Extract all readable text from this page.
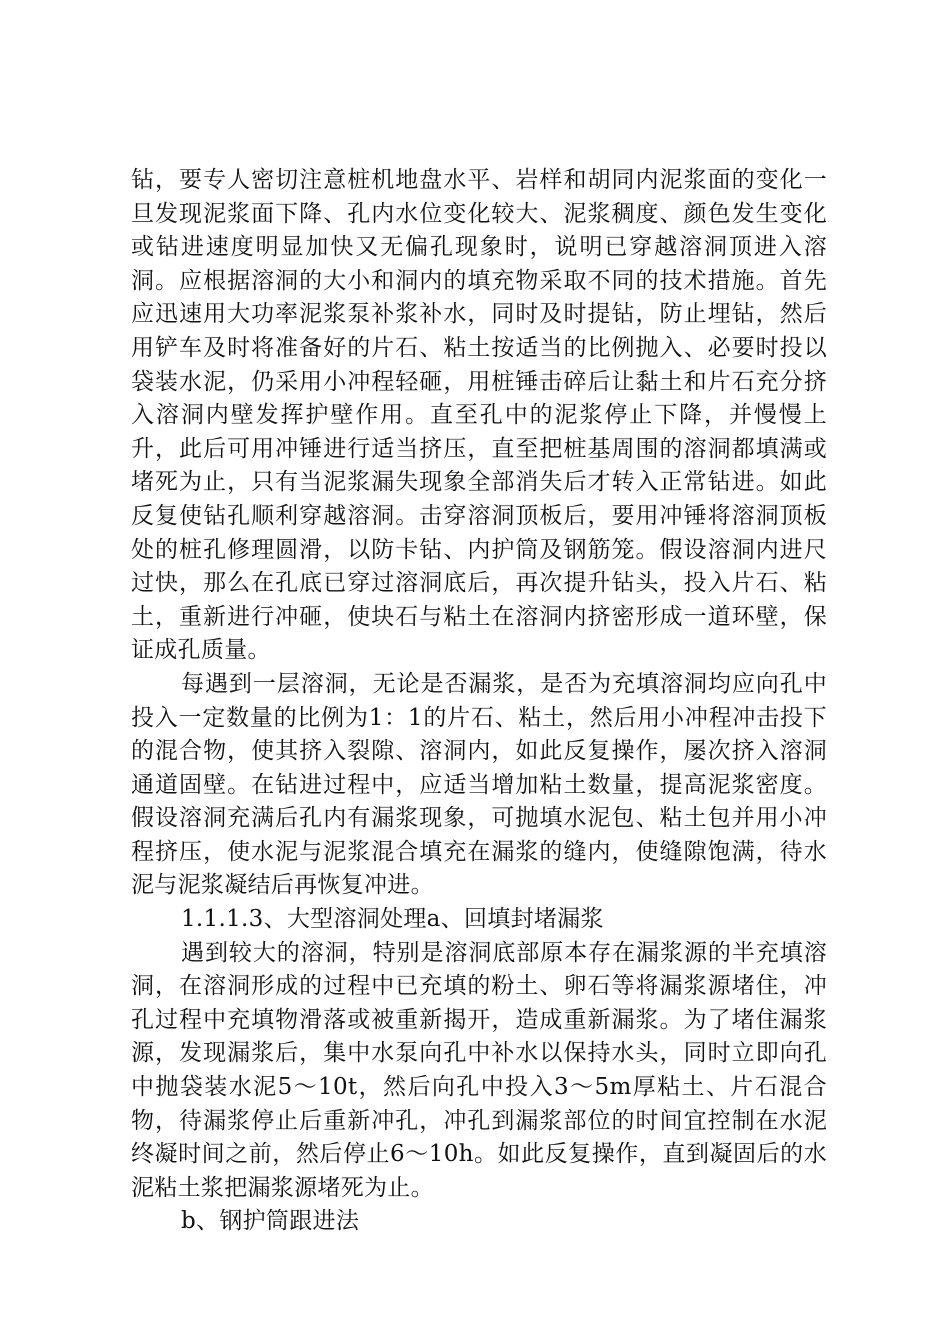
钻，要专人密切注意桩机地盘水平、岩样和胡同内泥浆面的变化一旦发现泥浆面下降、孔内水位变化较大、泥浆稠度、颜色发生变化或钻进速度明显加快又无偏孔现象时，说明已穿越溶洞顶进入溶洞。应根据溶洞的大小和洞内的填充物采取不同的技术措施。首先应迅速用大功率泥浆泵补浆补水，同时及时提钻，防止埋钻，然后用铲车及时将准备好的片石、粘土按适当的比例抛入、必要时投以袋装水泥，仍采用小冲程轻砸，用桩锤击碎后让黏土和片石充分挤入溶洞内壁发挥护壁作用。直至孔中的泥浆停止下降，并慢慢上升，此后可用冲锤进行适当挤压，直至把桩基周围的溶洞都填满或堵死为止，只有当泥浆漏失现象全部消失后才转入正常钻进。如此反复使钻孔顺利穿越溶洞。击穿溶洞顶板后，要用冲锤将溶洞顶板处的桩孔修理圆滑，以防卡钻、内护筒及钢筋笼。假设溶洞内进尺过快，那么在孔底已穿过溶洞底后，再次提升钻头，投入片石、粘土，重新进行冲砸，使块石与粘土在溶洞内挤密形成一道环壁，保证成孔质量。

每遇到一层溶洞，无论是否漏浆，是否为充填溶洞均应向孔中投入一定数量的比例为1：1的片石、粘土，然后用小冲程冲击投下的混合物，使其挤入裂隙、溶洞内，如此反复操作，屡次挤入溶洞通道固壁。在钻进过程中，应适当增加粘土数量，提高泥浆密度。假设溶洞充满后孔内有漏浆现象，可抛填水泥包、粘土包并用小冲程挤压，使水泥与泥浆混合填充在漏浆的缝内，使缝隙饱满，待水泥与泥浆凝结后再恢复冲进。

1.1.1.3、大型溶洞处理a、回填封堵漏浆

遇到较大的溶洞，特别是溶洞底部原本存在漏浆源的半充填溶洞，在溶洞形成的过程中已充填的粉土、卵石等将漏浆源堵住，冲孔过程中充填物滑落或被重新揭开，造成重新漏浆。为了堵住漏浆源，发现漏浆后，集中水泵向孔中补水以保持水头，同时立即向孔中抛袋装水泥5～10t，然后向孔中投入3～5m厚粘土、片石混合物，待漏浆停止后重新冲孔，冲孔到漏浆部位的时间宜控制在水泥终凝时间之前，然后停止6～10h。如此反复操作，直到凝固后的水泥粘土浆把漏浆源堵死为止。

b、钢护筒跟进法
